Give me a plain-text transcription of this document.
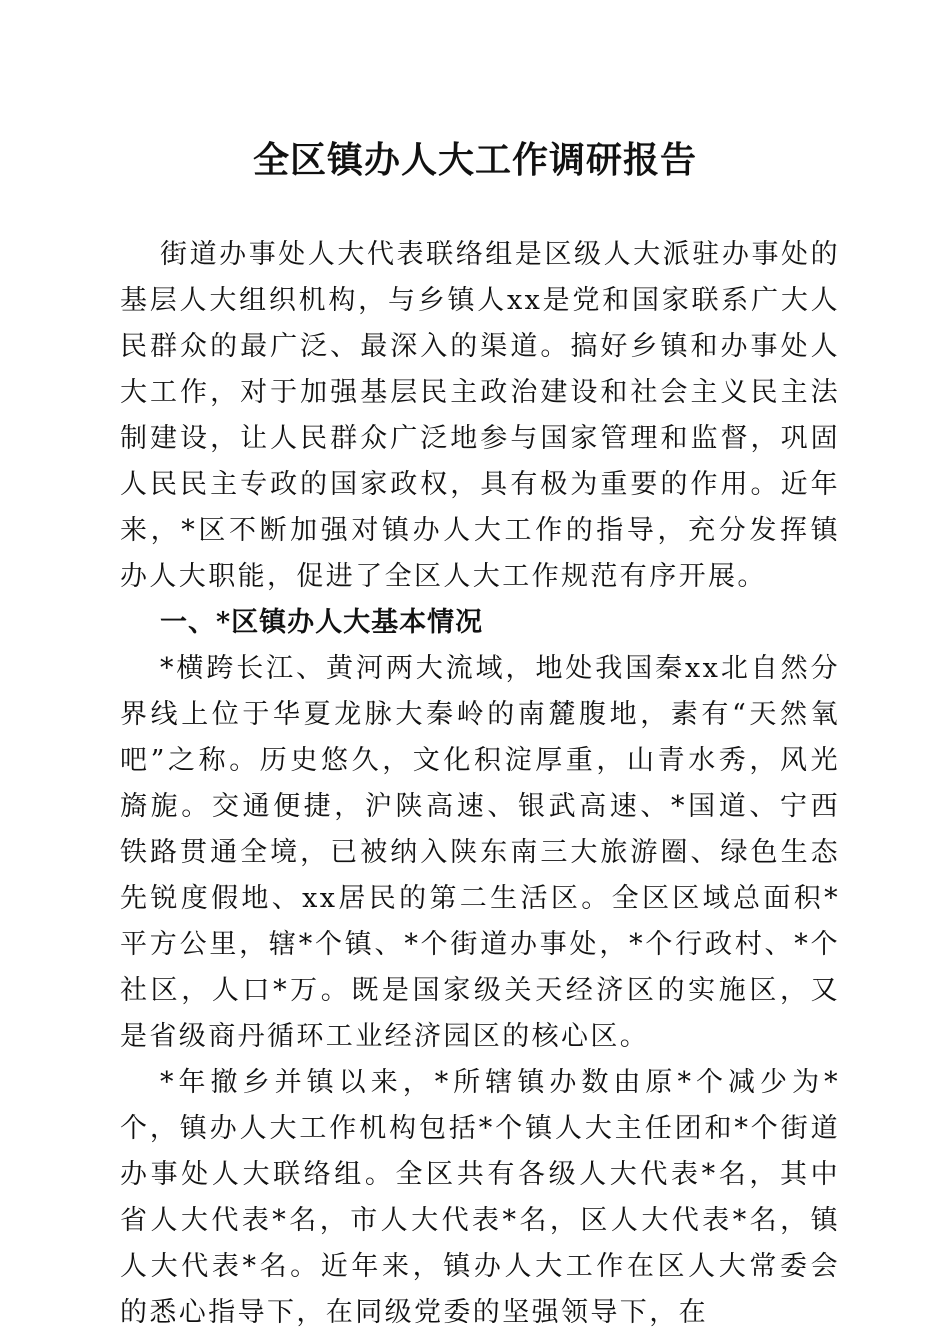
全区镇办人大工作调研报告

街道办事处人大代表联络组是区级人大派驻办事处的基层人大组织机构，与乡镇人xx是党和国家联系广大人民群众的最广泛、最深入的渠道。搞好乡镇和办事处人大工作，对于加强基层民主政治建设和社会主义民主法制建设，让人民群众广泛地参与国家管理和监督，巩固人民民主专政的国家政权，具有极为重要的作用。近年来，*区不断加强对镇办人大工作的指导，充分发挥镇办人大职能，促进了全区人大工作规范有序开展。

一、*区镇办人大基本情况

*横跨长江、黄河两大流域，地处我国秦xx北自然分界线上位于华夏龙脉大秦岭的南麓腹地，素有“天然氧吧”之称。历史悠久，文化积淀厚重，山青水秀，风光旖旎。交通便捷，沪陕高速、银武高速、*国道、宁西铁路贯通全境，已被纳入陕东南三大旅游圈、绿色生态先锐度假地、xx居民的第二生活区。全区区域总面积*平方公里，辖*个镇、*个街道办事处，*个行政村、*个社区，人口*万。既是国家级关天经济区的实施区，又是省级商丹循环工业经济园区的核心区。

*年撤乡并镇以来，*所辖镇办数由原*个减少为*个，镇办人大工作机构包括*个镇人大主任团和*个街道办事处人大联络组。全区共有各级人大代表*名，其中省人大代表*名，市人大代表*名，区人大代表*名，镇人大代表*名。近年来，镇办人大工作在区人大常委会的悉心指导下，在同级党委的坚强领导下，在
